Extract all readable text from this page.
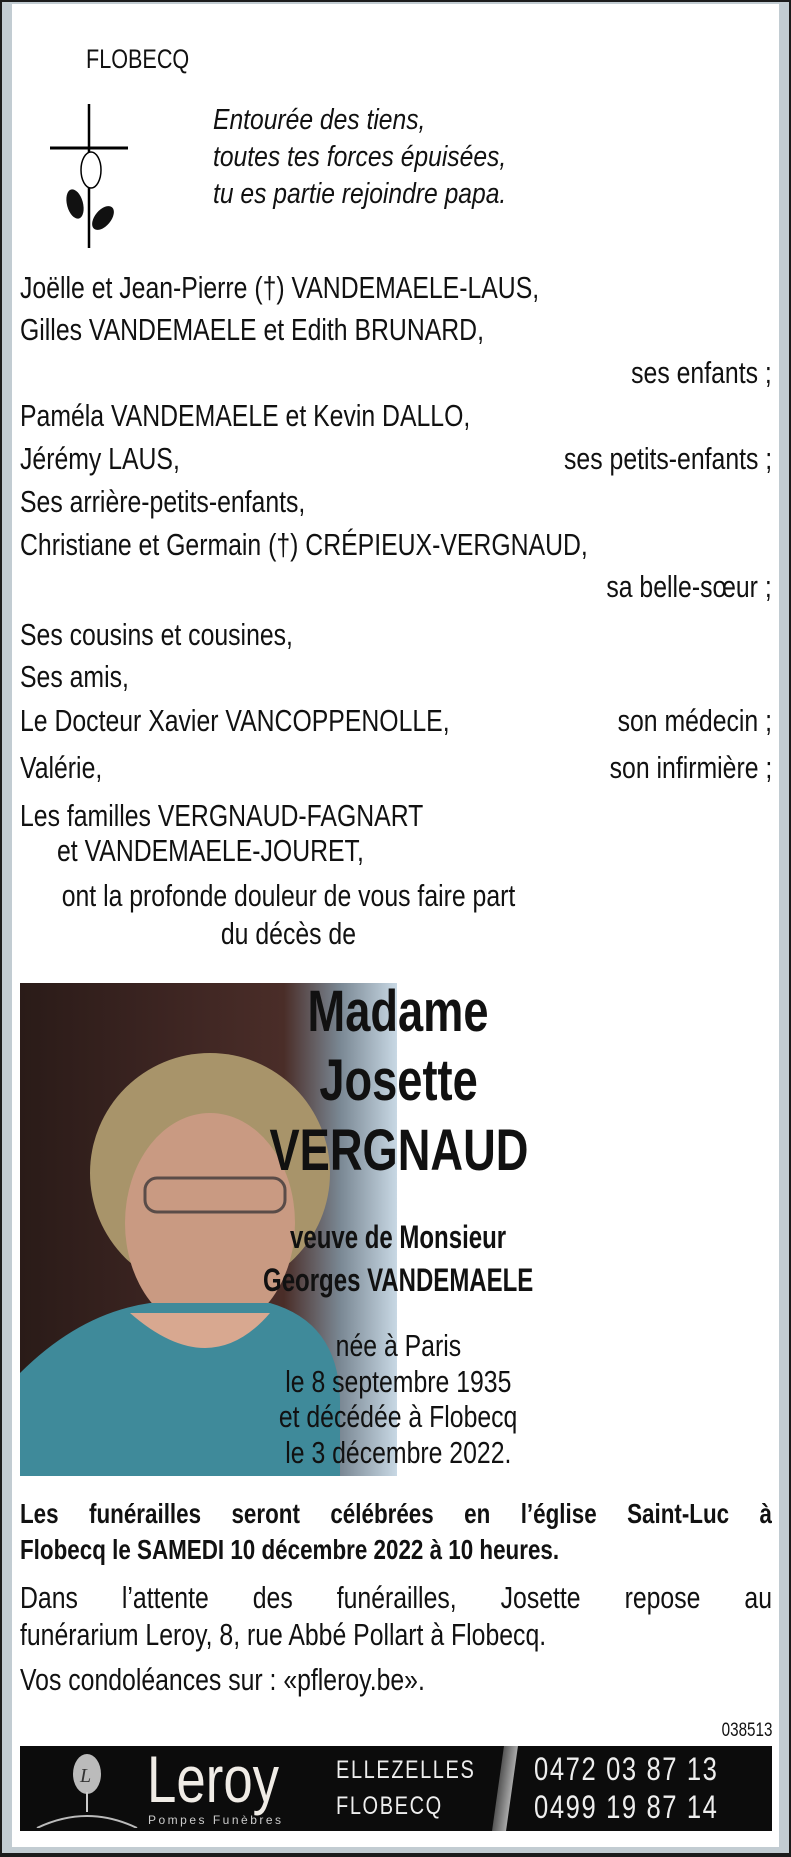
FLOBECQ
Entourée des tiens,
toutes tes forces épuisées,
tu es partie rejoindre papa.
Joëlle et Jean-Pierre (†) VANDEMAELE-LAUS,
Gilles VANDEMAELE et Edith BRUNARD,
ses enfants ;
Paméla VANDEMAELE et Kevin DALLO,
Jérémy LAUS,	ses petits-enfants ;
Ses arrière-petits-enfants,
Christiane et Germain (†) CRÉPIEUX-VERGNAUD,
sa belle-sœur ;
Ses cousins et cousines,
Ses amis,
Le Docteur Xavier VANCOPPENOLLE,	son médecin ;
Valérie,	son infirmière ;
Les familles VERGNAUD-FAGNART
et VANDEMAELE-JOURET,
ont la profonde douleur de vous faire part
du décès de
Madame
Josette
VERGNAUD
veuve de Monsieur
Georges VANDEMAELE
née à Paris
le 8 septembre 1935
et décédée à Flobecq
le 3 décembre 2022.
Les funérailles seront célébrées en l’église Saint-Luc à
Flobecq le SAMEDI 10 décembre 2022 à 10 heures.
Dans l’attente des funérailles, Josette repose au
funérarium Leroy, 8, rue Abbé Pollart à Flobecq.
Vos condoléances sur : «pfleroy.be».
038513
L Leroy
Pompes Funèbres
ELLEZELLES
FLOBECQ
0472 03 87 13
0499 19 87 14
